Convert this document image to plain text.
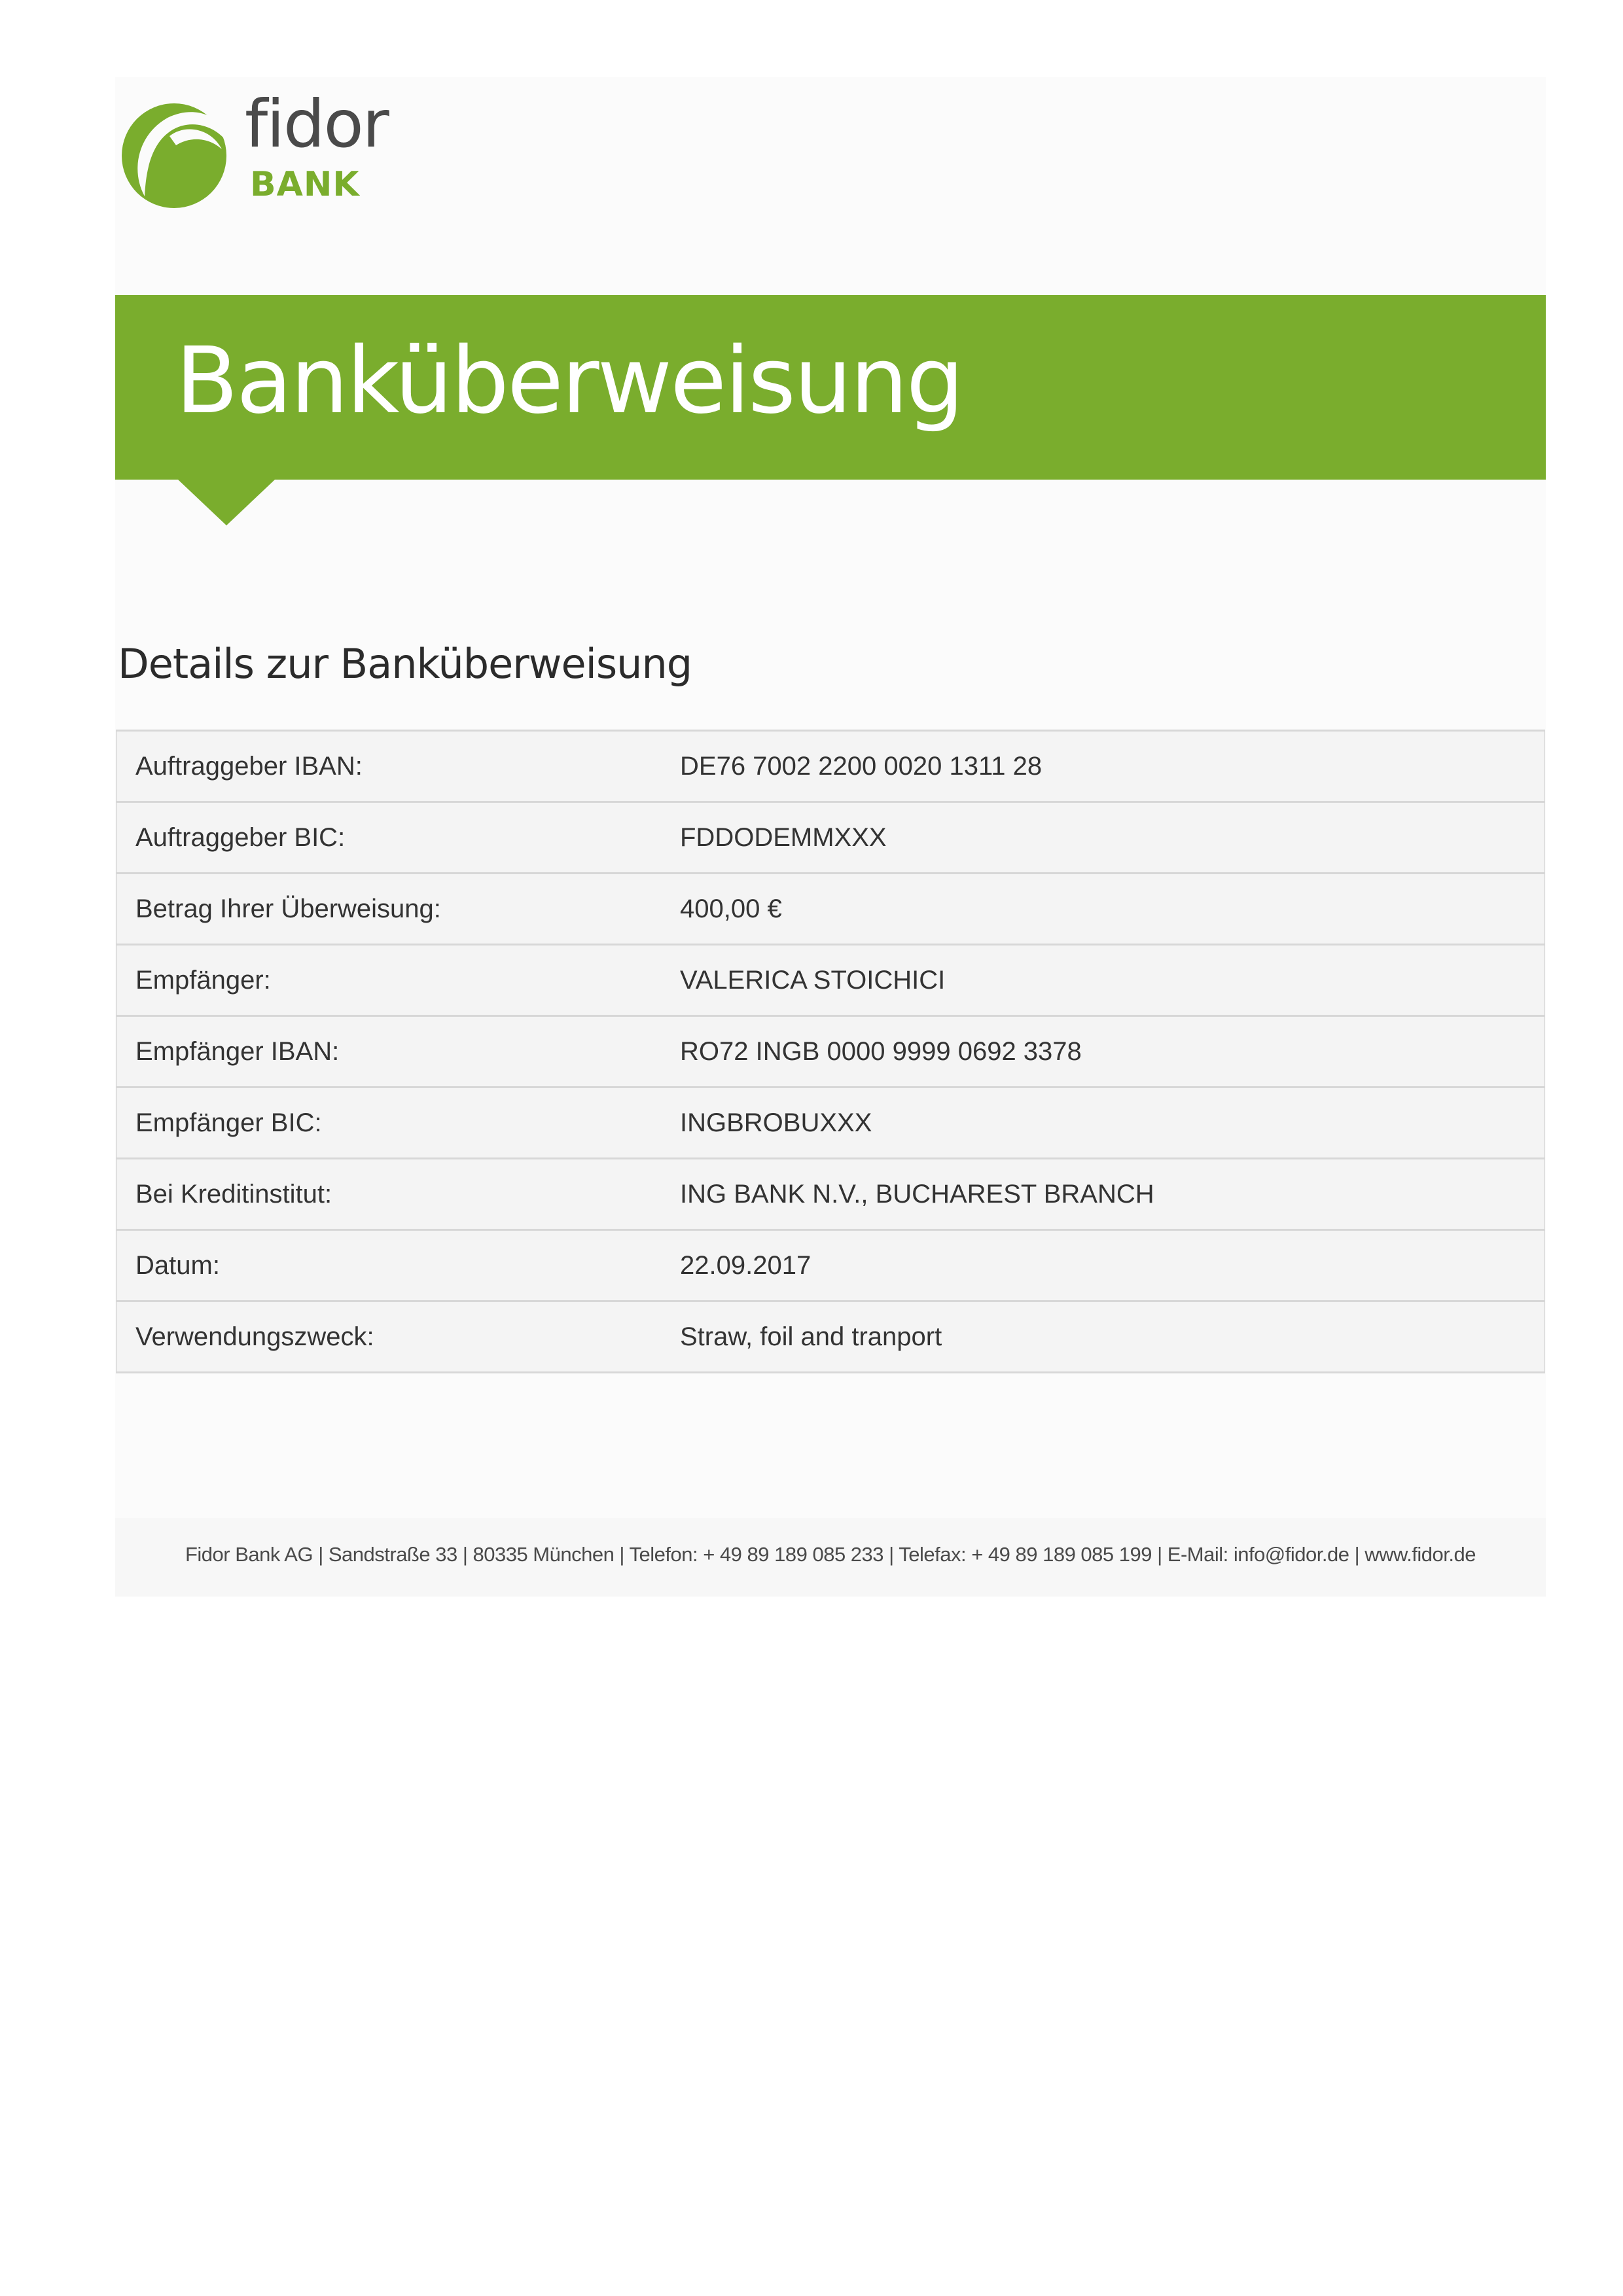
fidor
BANK
Banküberweisung
Details zur Banküberweisung
Auftraggeber IBAN:	DE76 7002 2200 0020 1311 28
Auftraggeber BIC:	FDDODEMMXXX
Betrag Ihrer Überweisung:	400,00 €
Empfänger:	VALERICA STOICHICI
Empfänger IBAN:	RO72 INGB 0000 9999 0692 3378
Empfänger BIC:	INGBROBUXXX
Bei Kreditinstitut:	ING BANK N.V., BUCHAREST BRANCH
Datum:	22.09.2017
Verwendungszweck:	Straw, foil and tranport
Fidor Bank AG | Sandstraße 33 | 80335 München | Telefon: + 49 89 189 085 233 | Telefax: + 49 89 189 085 199 | E-Mail: info@fidor.de | www.fidor.de
